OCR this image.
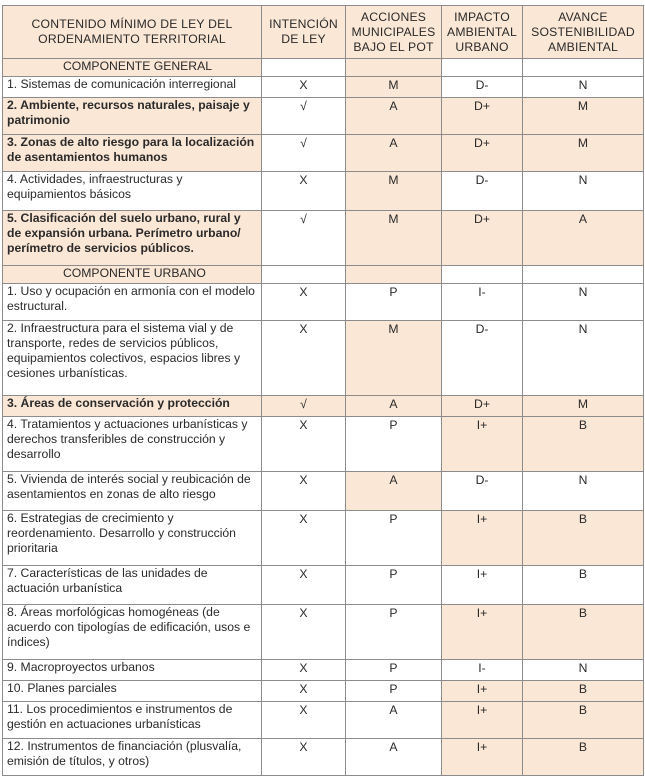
CONTENIDO MÍNIMO DE LEY DEL ORDENAMIENTO TERRITORIAL	INTENCIÓN DE LEY	ACCIONES MUNICIPALES BAJO EL POT	IMPACTO AMBIENTAL URBANO	AVANCE SOSTENIBILIDAD AMBIENTAL
COMPONENTE GENERAL				
1. Sistemas de comunicación interregional	X	M	D-	N
2. Ambiente, recursos naturales, paisaje y patrimonio	√	A	D+	M
3. Zonas de alto riesgo para la localización de asentamientos humanos	√	A	D+	M
4. Actividades, infraestructuras y equipamientos básicos	X	M	D-	N
5. Clasificación del suelo urbano, rural y de expansión urbana. Perímetro urbano/ perímetro de servicios públicos.	√	M	D+	A
COMPONENTE URBANO				
1. Uso y ocupación en armonía con el modelo estructural.	X	P	I-	N
2. Infraestructura para el sistema vial y de transporte, redes de servicios públicos, equipamientos colectivos, espacios libres y cesiones urbanísticas.	X	M	D-	N
3. Áreas de conservación y protección	√	A	D+	M
4. Tratamientos y actuaciones urbanísticas y derechos transferibles de construcción y desarrollo	X	P	I+	B
5. Vivienda de interés social y reubicación de asentamientos en zonas de alto riesgo	X	A	D-	N
6. Estrategias de crecimiento y reordenamiento. Desarrollo y construcción prioritaria	X	P	I+	B
7. Características de las unidades de actuación urbanística	X	P	I+	B
8. Áreas morfológicas homogéneas (de acuerdo con tipologías de edificación, usos e índices)	X	P	I+	B
9. Macroproyectos urbanos	X	P	I-	N
10. Planes parciales	X	P	I+	B
11. Los procedimientos e instrumentos de gestión en actuaciones urbanísticas	X	A	I+	B
12. Instrumentos de financiación (plusvalía, emisión de títulos, y otros)	X	A	I+	B
